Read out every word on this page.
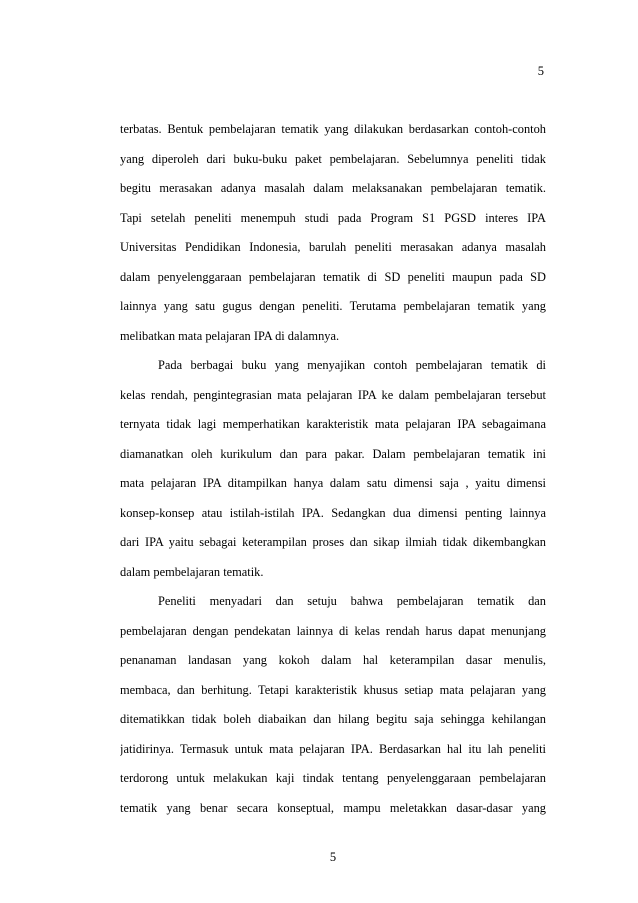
5
terbatas. Bentuk pembelajaran tematik yang dilakukan berdasarkan contoh-contoh
yang diperoleh dari buku-buku paket pembelajaran. Sebelumnya peneliti tidak
begitu merasakan adanya masalah dalam melaksanakan pembelajaran tematik.
Tapi setelah peneliti menempuh studi pada Program S1 PGSD interes IPA
Universitas Pendidikan Indonesia, barulah peneliti merasakan adanya masalah
dalam penyelenggaraan pembelajaran tematik di SD peneliti maupun pada SD
lainnya yang satu gugus dengan peneliti. Terutama pembelajaran tematik yang
melibatkan mata pelajaran IPA di dalamnya.
Pada berbagai buku yang menyajikan contoh pembelajaran tematik di
kelas rendah, pengintegrasian mata pelajaran IPA ke dalam pembelajaran tersebut
ternyata tidak lagi memperhatikan karakteristik mata pelajaran IPA sebagaimana
diamanatkan oleh kurikulum dan para pakar. Dalam pembelajaran tematik ini
mata pelajaran IPA ditampilkan hanya dalam satu dimensi saja , yaitu dimensi
konsep-konsep atau istilah-istilah IPA. Sedangkan dua dimensi penting lainnya
dari IPA yaitu sebagai keterampilan proses dan sikap ilmiah tidak dikembangkan
dalam pembelajaran tematik.
Peneliti menyadari dan setuju bahwa pembelajaran tematik dan
pembelajaran dengan pendekatan lainnya di kelas rendah harus dapat menunjang
penanaman landasan yang kokoh dalam hal keterampilan dasar menulis,
membaca, dan berhitung. Tetapi karakteristik khusus setiap mata pelajaran yang
ditematikkan tidak boleh diabaikan dan hilang begitu saja sehingga kehilangan
jatidirinya. Termasuk untuk mata pelajaran IPA. Berdasarkan hal itu lah peneliti
terdorong untuk melakukan kaji tindak tentang penyelenggaraan pembelajaran
tematik yang benar secara konseptual, mampu meletakkan dasar-dasar yang
5
